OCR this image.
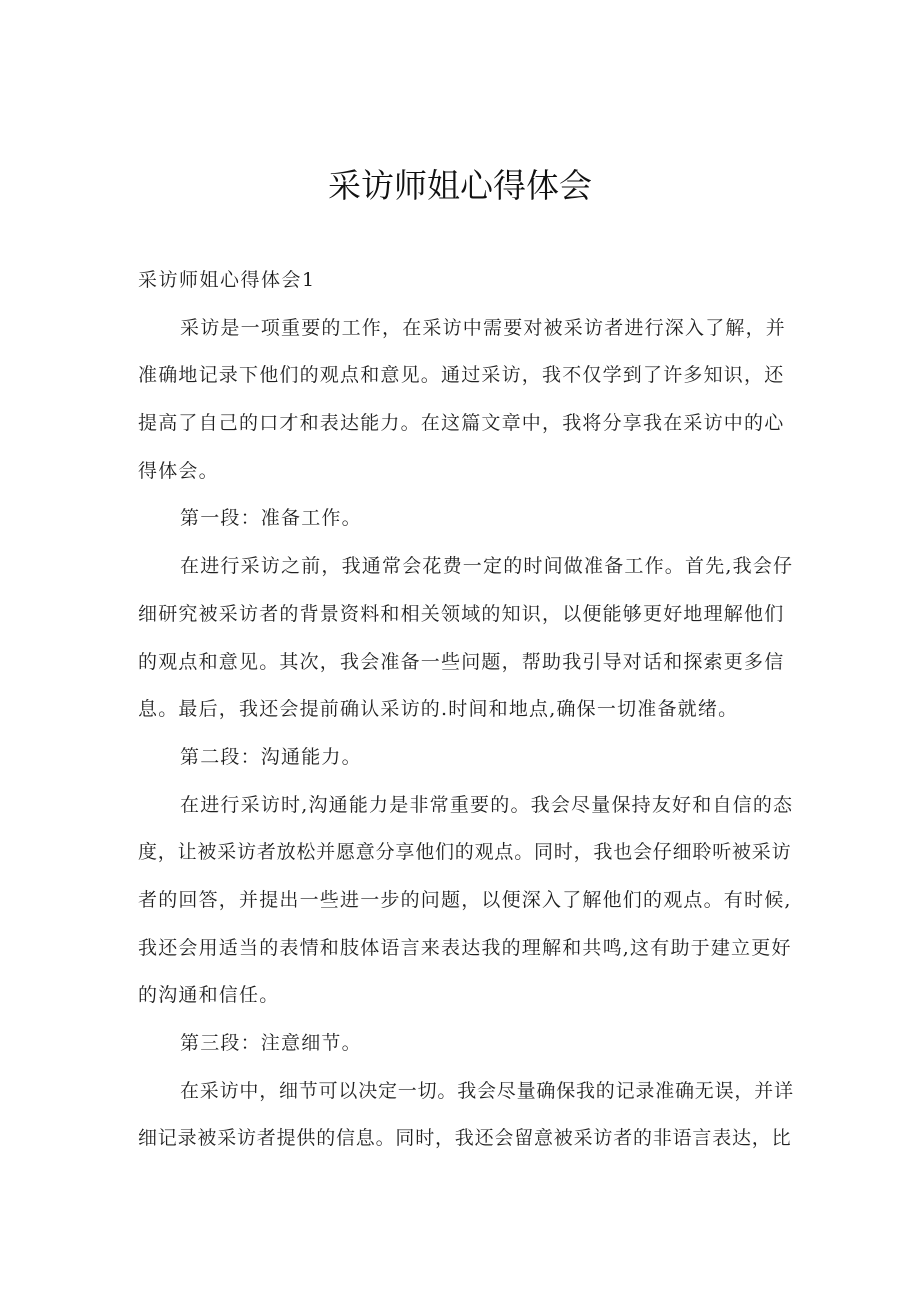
采访师姐心得体会
采访师姐心得体会1
采访是一项重要的工作，在采访中需要对被采访者进行深入了解，并
准确地记录下他们的观点和意见。通过采访，我不仅学到了许多知识，还
提高了自己的口才和表达能力。在这篇文章中，我将分享我在采访中的心
得体会。
第一段：准备工作。
在进行采访之前，我通常会花费一定的时间做准备工作。首先,我会仔
细研究被采访者的背景资料和相关领域的知识，以便能够更好地理解他们
的观点和意见。其次，我会准备一些问题，帮助我引导对话和探索更多信
息。最后，我还会提前确认采访的.时间和地点,确保一切准备就绪。
第二段：沟通能力。
在进行采访时,沟通能力是非常重要的。我会尽量保持友好和自信的态
度，让被采访者放松并愿意分享他们的观点。同时，我也会仔细聆听被采访
者的回答，并提出一些进一步的问题，以便深入了解他们的观点。有时候,
我还会用适当的表情和肢体语言来表达我的理解和共鸣,这有助于建立更好
的沟通和信任。
第三段：注意细节。
在采访中，细节可以决定一切。我会尽量确保我的记录准确无误，并详
细记录被采访者提供的信息。同时，我还会留意被采访者的非语言表达，比
